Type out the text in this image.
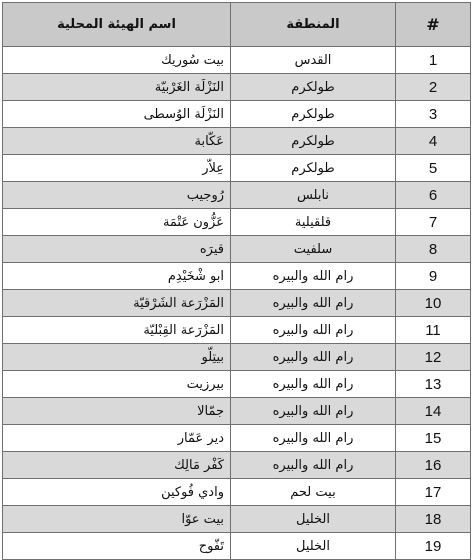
#	المنطقة	اسم الهيئة المحلية
1	القدس	بيت سُوريك
2	طولكرم	النَزْلَة الغَرْبيّة
3	طولكرم	النَزْلَة الوُسطى
4	طولكرم	عَكّابة
5	طولكرم	عِلاّر
6	نابلس	رُوجيب
7	قلقيلية	عَزُّون عَتْمَة
8	سلفيت	قيرَه
9	رام الله والبيره	ابو شْخَيْدِم
10	رام الله والبيره	المَزْرَعة الشَرْقيّة
11	رام الله والبيره	المَزْرَعة القِبْليّة
12	رام الله والبيره	بيتِلّو
13	رام الله والبيره	بيرزيت
14	رام الله والبيره	جمّالا
15	رام الله والبيره	دير عَمّار
16	رام الله والبيره	كَفْر مَالِك
17	بيت لحم	وادي فُوكين
18	الخليل	بيت عوّا
19	الخليل	تَفّوح
